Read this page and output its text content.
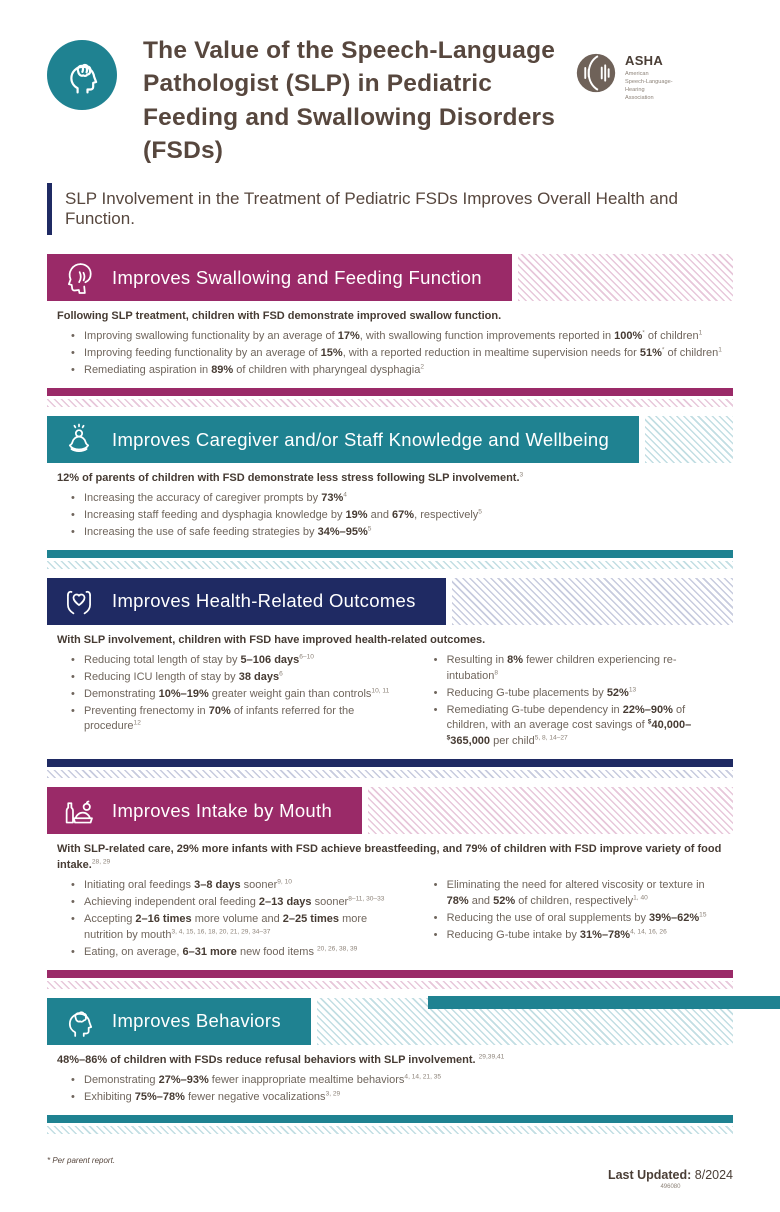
The Value of the Speech-Language Pathologist (SLP) in Pediatric Feeding and Swallowing Disorders (FSDs)
ASHA
American
Speech-Language-Hearing
Association
SLP Involvement in the Treatment of Pediatric FSDs Improves Overall Health and Function.
Improves Swallowing and Feeding Function

Following SLP treatment, children with FSD demonstrate improved swallow function.

• Improving swallowing functionality by an average of 17%, with swallowing function improvements reported in 100%* of children$^1$
• Improving feeding functionality by an average of 15%, with a reported reduction in mealtime supervision needs for 51%* of children$^1$
• Remediating aspiration in 89% of children with pharyngeal dysphagia$^2$
Improves Caregiver and/or Staff Knowledge and Wellbeing

12% of parents of children with FSD demonstrate less stress following SLP involvement.$^3$

• Increasing the accuracy of caregiver prompts by 73%$^4$
• Increasing staff feeding and dysphagia knowledge by 19% and 67%, respectively$^5$
• Increasing the use of safe feeding strategies by 34%–95%$^5$
Improves Health-Related Outcomes

With SLP involvement, children with FSD have improved health-related outcomes.

• Reducing total length of stay by 5–106 days$^{6-10}$
• Reducing ICU length of stay by 38 days$^6$
• Demonstrating 10%–19% greater weight gain than controls$^{10, 11}$
• Preventing frenectomy in 70% of infants referred for the procedure$^{12}$
• Resulting in 8% fewer children experiencing re-intubation$^8$
• Reducing G-tube placements by 52%$^{13}$
• Remediating G-tube dependency in 22%–90% of children, with an average cost savings of $40,000–$365,000 per child$^{5, 8, 14-27}$
Improves Intake by Mouth

With SLP-related care, 29% more infants with FSD achieve breastfeeding, and 79% of children with FSD improve variety of food intake.$^{28, 29}$

• Initiating oral feedings 3–8 days sooner$^{9, 10}$
• Achieving independent oral feeding 2–13 days sooner$^{8-11, 30-33}$
• Accepting 2–16 times more volume and 2–25 times more nutrition by mouth$^{3, 4, 15, 16, 18, 20, 21, 29, 34-37}$
• Eating, on average, 6–31 more new food items $^{20, 26, 38, 39}$
• Eliminating the need for altered viscosity or texture in 78% and 52% of children, respectively$^{1, 40}$
• Reducing the use of oral supplements by 39%–62%$^{15}$
• Reducing G-tube intake by 31%–78%$^{4, 14, 16, 26}$
Improves Behaviors

48%–86% of children with FSDs reduce refusal behaviors with SLP involvement. $^{29,39,41}$

• Demonstrating 27%–93% fewer inappropriate mealtime behaviors$^{4, 14, 21, 35}$
• Exhibiting 75%–78% fewer negative vocalizations$^{3, 29}$
* Per parent report.
Last Updated: 8/2024
496080
